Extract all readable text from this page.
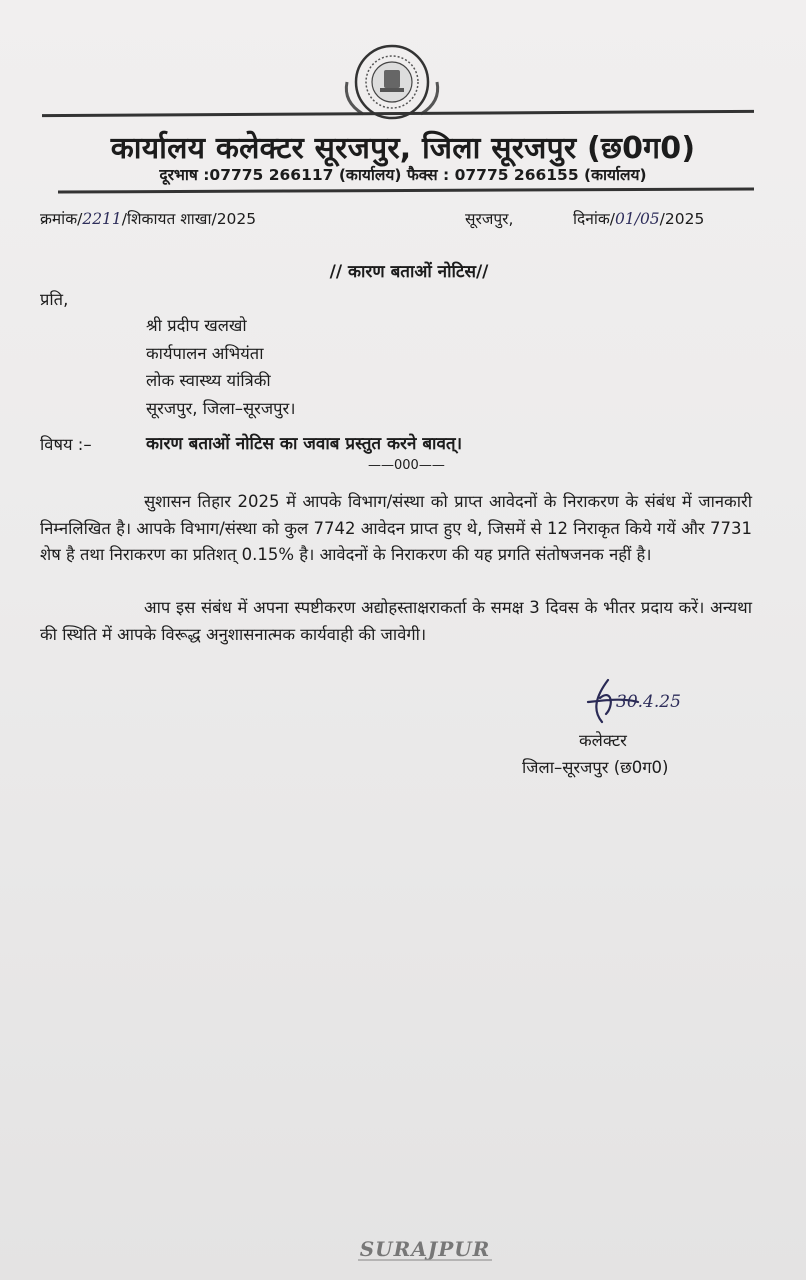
कार्यालय कलेक्टर सूरजपुर, जिला सूरजपुर (छ0ग0)
दूरभाष :07775 266117 (कार्यालय) फैक्स : 07775 266155 (कार्यालय)
क्रमांक/2211/शिकायत शाखा/2025	सूरजपुर,	दिनांक/01/05/2025
// कारण बताओं नोटिस//
प्रति,
श्री प्रदीप खलखो
कार्यपालन अभियंता
लोक स्वास्थ्य यांत्रिकी
सूरजपुर, जिला–सूरजपुर।
विषय :–	कारण बताओं नोटिस का जवाब प्रस्तुत करने बावत्।
——000——
सुशासन तिहार 2025 में आपके विभाग/संस्था को प्राप्त आवेदनों के निराकरण के संबंध में जानकारी निम्नलिखित है। आपके विभाग/संस्था को कुल 7742 आवेदन प्राप्त हुए थे, जिसमें से 12 निराकृत किये गयें और 7731 शेष है तथा निराकरण का प्रतिशत् 0.15% है। आवेदनों के निराकरण की यह प्रगति संतोषजनक नहीं है।
आप इस संबंध में अपना स्पष्टीकरण अद्योहस्ताक्षराकर्ता के समक्ष 3 दिवस के भीतर प्रदाय करें। अन्यथा की स्थिति में आपके विरूद्ध अनुशासनात्मक कार्यवाही की जावेगी।
30.4.25
कलेक्टर
जिला–सूरजपुर (छ0ग0)
SURAJPUR
